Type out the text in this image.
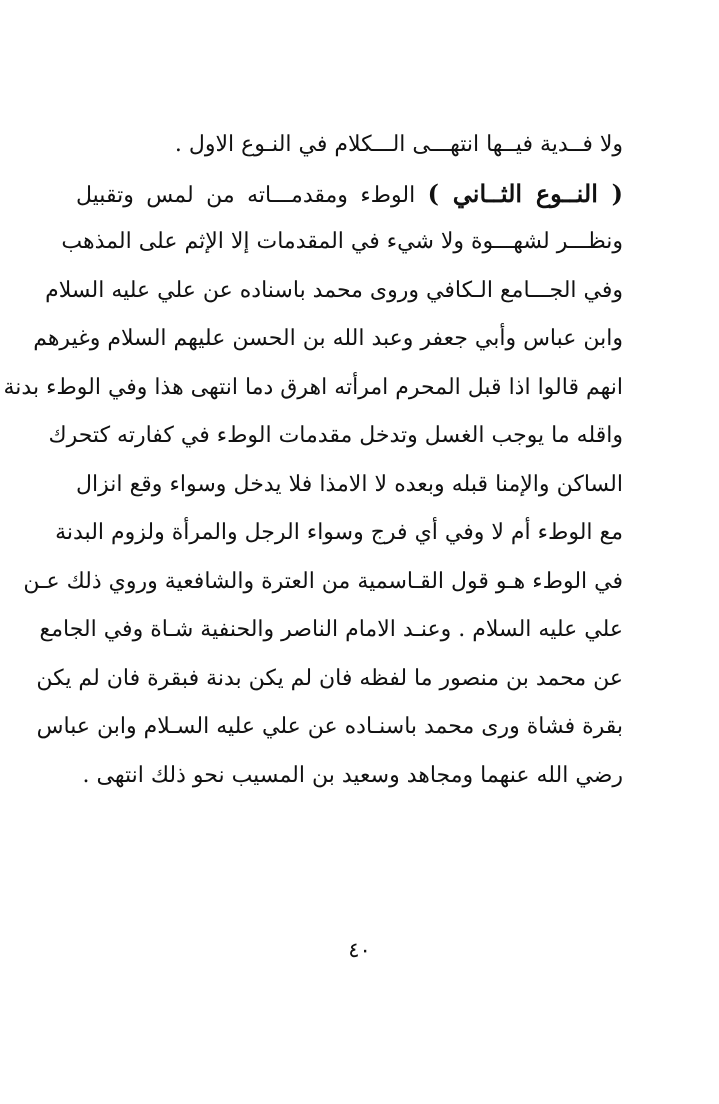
ولا فــدية فيــها انتهـــى الـــكلام في النـوع الاول .
( النــوع الثــاني ) الوطء ومقدمـــاته من لمس وتقبيل
ونظـــر لشهـــوة ولا شيء في المقدمات إلا الإثم على المذهب
وفي الجـــامع الـكافي وروى محمد باسناده عن علي عليه السلام
وابن عباس وأبي جعفر وعبد الله بن الحسن عليهم السلام وغيرهم
انهم قالوا اذا قبل المحرم امرأته اهرق دما انتهى هذا وفي الوطء بدنة
واقله ما يوجب الغسل وتدخل مقدمات الوطء في كفارته كتحرك
الساكن والإمنا قبله وبعده لا الامذا فلا يدخل وسواء وقع انزال
مع الوطء أم لا وفي أي فرج وسواء الرجل والمرأة ولزوم البدنة
في الوطء هـو قول القـاسمية من العترة والشافعية وروي ذلك عـن
علي عليه السلام . وعنـد الامام الناصر والحنفية شـاة وفي الجامع
عن محمد بن منصور ما لفظه فان لم يكن بدنة فبقرة فان لم يكن
بقرة فشاة ورى محمد باسنـاده عن علي عليه السـلام وابن عباس
رضي الله عنهما ومجاهد وسعيد بن المسيب نحو ذلك انتهى .
٤٠
